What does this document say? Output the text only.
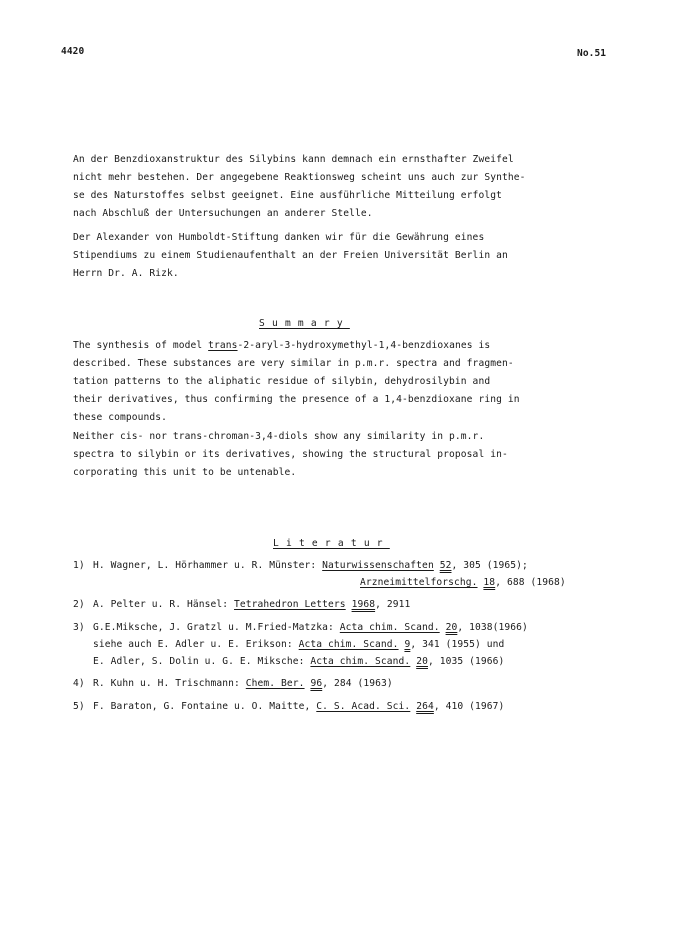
4420	No.51

An der Benzdioxanstruktur des Silybins kann demnach ein ernsthafter Zweifel

nicht mehr bestehen. Der angegebene Reaktionsweg scheint uns auch zur Synthe-

se des Naturstoffes selbst geeignet. Eine ausführliche Mitteilung erfolgt

nach Abschluß der Untersuchungen an anderer Stelle.

Der Alexander von Humboldt-Stiftung danken wir für die Gewährung eines

Stipendiums zu einem Studienaufenthalt an der Freien Universität Berlin an

Herrn Dr. A. Rizk.

Summary

The synthesis of model trans-2-aryl-3-hydroxymethyl-1,4-benzdioxanes is

described. These substances are very similar in p.m.r. spectra and fragmen-

tation patterns to the aliphatic residue of silybin, dehydrosilybin and

their derivatives, thus confirming the presence of a 1,4-benzdioxane ring in

these compounds.

Neither cis- nor trans-chroman-3,4-diols show any similarity in p.m.r.

spectra to silybin or its derivatives, showing the structural proposal in-

corporating this unit to be untenable.

Literatur
1) H. Wagner, L. Hörhammer u. R. Münster: Naturwissenschaften 52, 305 (1965);
Arzneimittelforschg. 18, 688 (1968)
2) A. Pelter u. R. Hänsel: Tetrahedron Letters 1968, 2911
3) G.E.Miksche, J. Gratzl u. M.Fried-Matzka: Acta chim. Scand. 20, 1038(1966)
siehe auch E. Adler u. E. Erikson: Acta chim. Scand. 9, 341 (1955) und
E. Adler, S. Dolin u. G. E. Miksche: Acta chim. Scand. 20, 1035 (1966)
4) R. Kuhn u. H. Trischmann: Chem. Ber. 96, 284 (1963)
5) F. Baraton, G. Fontaine u. O. Maitte, C. S. Acad. Sci. 264, 410 (1967)
